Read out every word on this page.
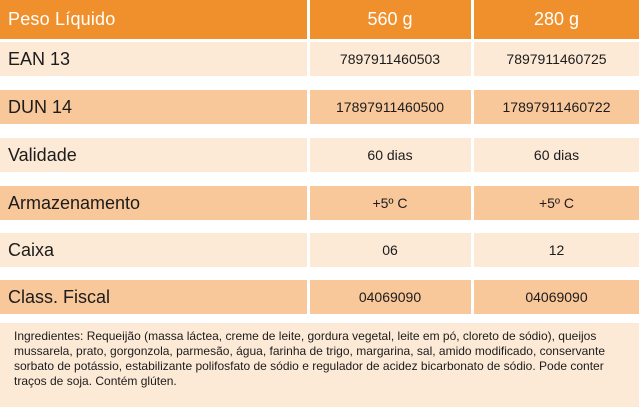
Peso Líquido	560 g	280 g
EAN 13	7897911460503	7897911460725
DUN 14	17897911460500	17897911460722
Validade	60 dias	60 dias
Armazenamento	+5º C	+5º C
Caixa	06	12
Class. Fiscal	04069090	04069090

Ingredientes: Requeijão (massa láctea, creme de leite, gordura vegetal, leite em pó, cloreto de sódio), queijos mussarela, prato, gorgonzola, parmesão, água, farinha de trigo, margarina, sal, amido modificado, conservante sorbato de potássio, estabilizante polifosfato de sódio e regulador de acidez bicarbonato de sódio. Pode conter traços de soja. Contém glúten.
